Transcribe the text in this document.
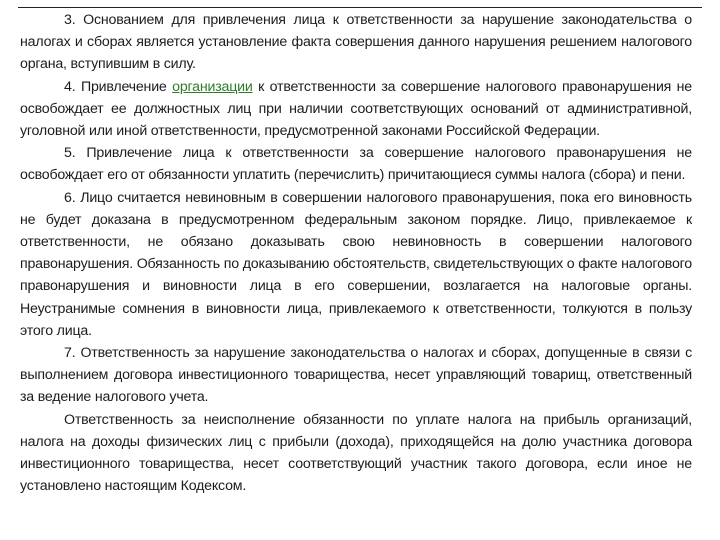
3. Основанием для привлечения лица к ответственности за нарушение законодательства о налогах и сборах является установление факта совершения данного нарушения решением налогового органа, вступившим в силу.

4. Привлечение организации к ответственности за совершение налогового правонарушения не освобождает ее должностных лиц при наличии соответствующих оснований от административной, уголовной или иной ответственности, предусмотренной законами Российской Федерации.

5. Привлечение лица к ответственности за совершение налогового правонарушения не освобождает его от обязанности уплатить (перечислить) причитающиеся суммы налога (сбора) и пени.

6. Лицо считается невиновным в совершении налогового правонарушения, пока его виновность не будет доказана в предусмотренном федеральным законом порядке. Лицо, привлекаемое к ответственности, не обязано доказывать свою невиновность в совершении налогового правонарушения. Обязанность по доказыванию обстоятельств, свидетельствующих о факте налогового правонарушения и виновности лица в его совершении, возлагается на налоговые органы. Неустранимые сомнения в виновности лица, привлекаемого к ответственности, толкуются в пользу этого лица.

7. Ответственность за нарушение законодательства о налогах и сборах, допущенные в связи с выполнением договора инвестиционного товарищества, несет управляющий товарищ, ответственный за ведение налогового учета.

Ответственность за неисполнение обязанности по уплате налога на прибыль организаций, налога на доходы физических лиц с прибыли (дохода), приходящейся на долю участника договора инвестиционного товарищества, несет соответствующий участник такого договора, если иное не установлено настоящим Кодексом.
